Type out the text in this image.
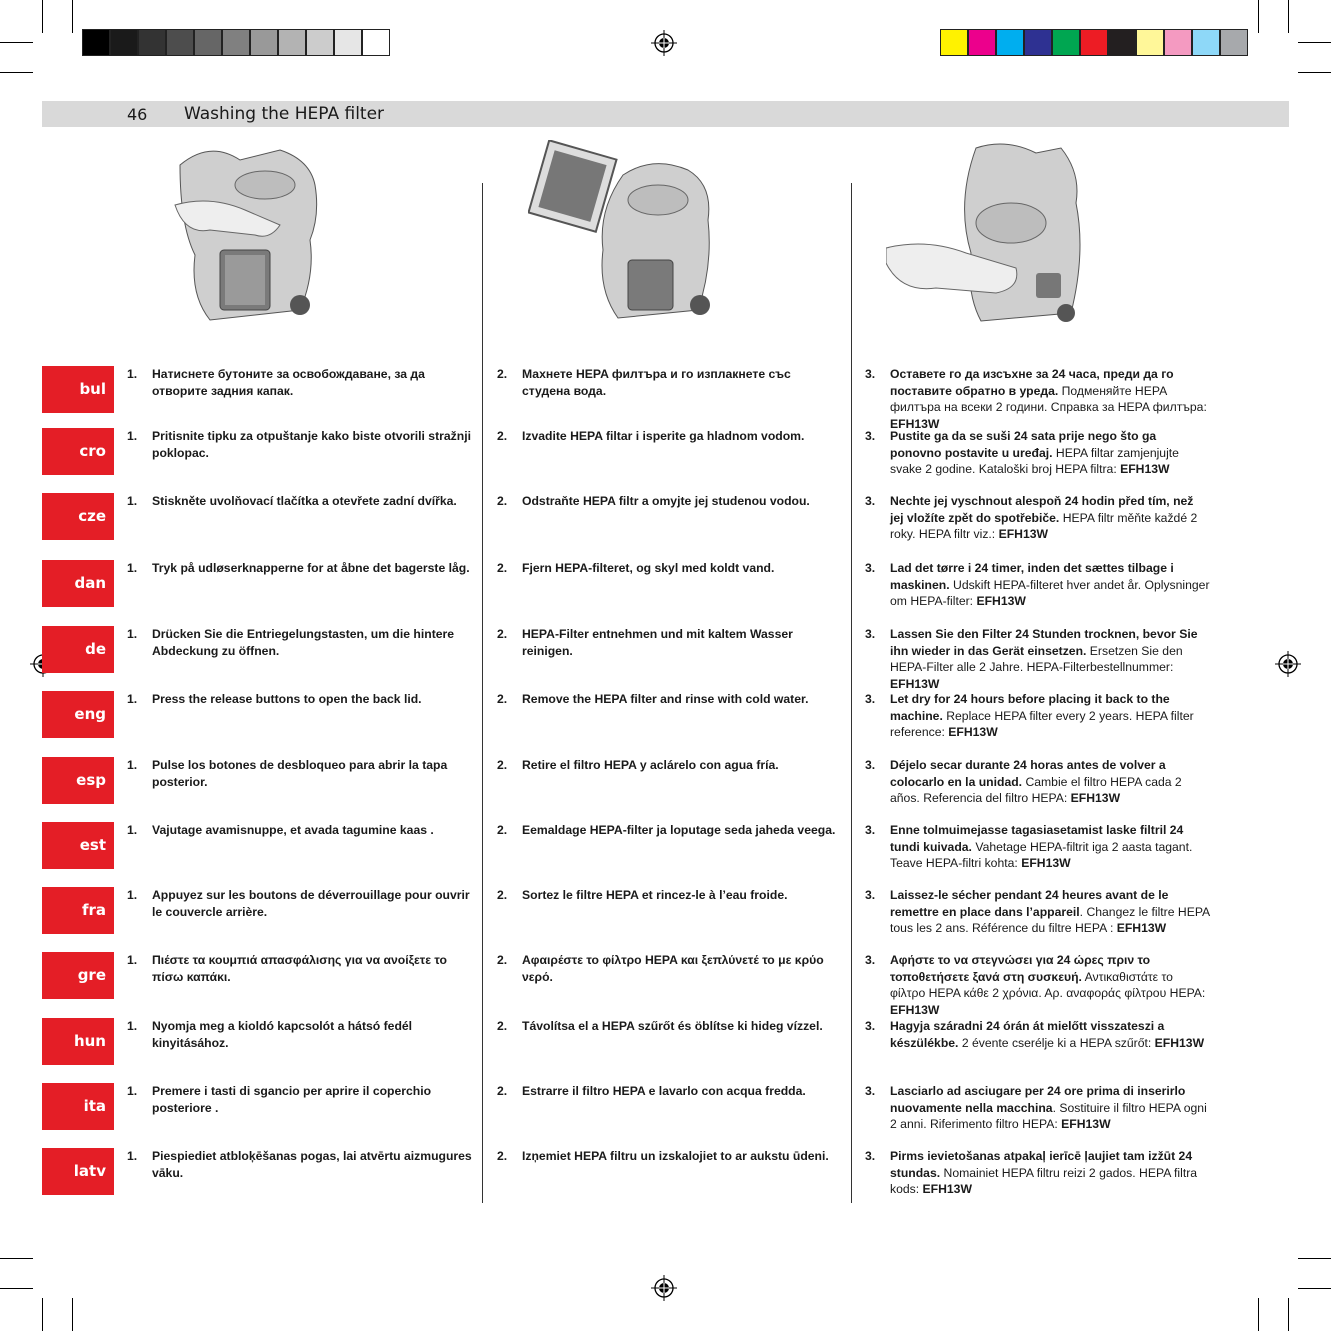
46 Washing the HEPA filter
bul
1. Натиснете бутоните за освобождаване, за да отворите задния капак.
2. Махнете HEPA филтъра и го изплакнете със студена вода.
3. Оставете го да изсъхне за 24 часа, преди да го поставите обратно в уреда. Подменяйте HEPA филтъра на всеки 2 години. Справка за HEPA филтъра: EFH13W
cro
1. Pritisnite tipku za otpuštanje kako biste otvorili stražnji poklopac.
2. Izvadite HEPA filtar i isperite ga hladnom vodom.	3. Pustite ga da se suši 24 sata prije nego što ga ponovno postavite u uređaj. HEPA filtar zamjenjujte svake 2 godine. Kataloški broj HEPA filtra: EFH13W
cze
1. Stiskněte uvolňovací tlačítka a otevřete zadní dvířka.	2. Odstraňte HEPA filtr a omyjte jej studenou vodou.	3. Nechte jej vyschnout alespoň 24 hodin před tím, než jej vložíte zpět do spotřebiče. HEPA filtr měňte každé 2 roky. HEPA filtr viz.: EFH13W
dan
1. Tryk på udløserknapperne for at åbne det bagerste låg. 2. Fjern HEPA-filteret, og skyl med koldt vand.	3. Lad det tørre i 24 timer, inden det sættes tilbage i maskinen. Udskift HEPA-filteret hver andet år. Oplysninger om HEPA-filter: EFH13W
de
1. Drücken Sie die Entriegelungstasten, um die hintere Abdeckung zu öffnen.
2. HEPA-Filter entnehmen und mit kaltem Wasser reinigen.
3. Lassen Sie den Filter 24 Stunden trocknen, bevor Sie ihn wieder in das Gerät einsetzen. Ersetzen Sie den HEPA-Filter alle 2 Jahre. HEPA-Filterbestellnummer: EFH13W
eng
1. Press the release buttons to open the back lid.	2. Remove the HEPA filter and rinse with cold water.	3. Let dry for 24 hours before placing it back to the machine. Replace HEPA filter every 2 years. HEPA filter reference: EFH13W
esp
1. Pulse los botones de desbloqueo para abrir la tapa posterior.
2. Retire el filtro HEPA y aclárelo con agua fría.	3. Déjelo secar durante 24 horas antes de volver a colocarlo en la unidad. Cambie el filtro HEPA cada 2 años. Referencia del filtro HEPA: EFH13W
est
1. Vajutage avamisnuppe, et avada tagumine kaas .	2. Eemaldage HEPA-filter ja loputage seda jaheda veega.	3. Enne tolmuimejasse tagasiasetamist laske filtril 24 tundi kuivada. Vahetage HEPA-filtrit iga 2 aasta tagant. Teave HEPA-filtri kohta: EFH13W
fra
1. Appuyez sur les boutons de déverrouillage pour ouvrir le couvercle arrière.
2. Sortez le filtre HEPA et rincez-le à l’eau froide.	3. Laissez-le sécher pendant 24 heures avant de le remettre en place dans l’appareil. Changez le filtre HEPA tous les 2 ans. Référence du filtre HEPA : EFH13W
gre
1. Πιέστε τα κουμπιά απασφάλισης για να ανοίξετε το πίσω καπάκι.
2. Αφαιρέστε το φίλτρο HEPA και ξεπλύνετέ το με κρύο νερό.
3. Αφήστε το να στεγνώσει για 24 ώρες πριν το τοποθετήσετε ξανά στη συσκευή. Αντικαθιστάτε το φίλτρο HEPA κάθε 2 χρόνια. Αρ. αναφοράς φίλτρου HEPA: EFH13W
hun
1. Nyomja meg a kioldó kapcsolót a hátsó fedél kinyitásához.
2. Távolítsa el a HEPA szűrőt és öblítse ki hideg vízzel.	3. Hagyja száradni 24 órán át mielőtt visszateszi a készülékbe. 2 évente cserélje ki a HEPA szűrőt: EFH13W
ita
1. Premere i tasti di sgancio per aprire il coperchio posteriore .
2. Estrarre il filtro HEPA e lavarlo con acqua fredda.	3. Lasciarlo ad asciugare per 24 ore prima di inserirlo nuovamente nella macchina. Sostituire il filtro HEPA ogni 2 anni. Riferimento filtro HEPA: EFH13W
latv
1. Piespiediet atbloķēšanas pogas, lai atvērtu aizmugures vāku.
2. Izņemiet HEPA filtru un izskalojiet to ar aukstu ūdeni.	3. Pirms ievietošanas atpakaļ ierīcē ļaujiet tam izžūt 24 stundas. Nomainiet HEPA filtru reizi 2 gados. HEPA filtra kods: EFH13W
